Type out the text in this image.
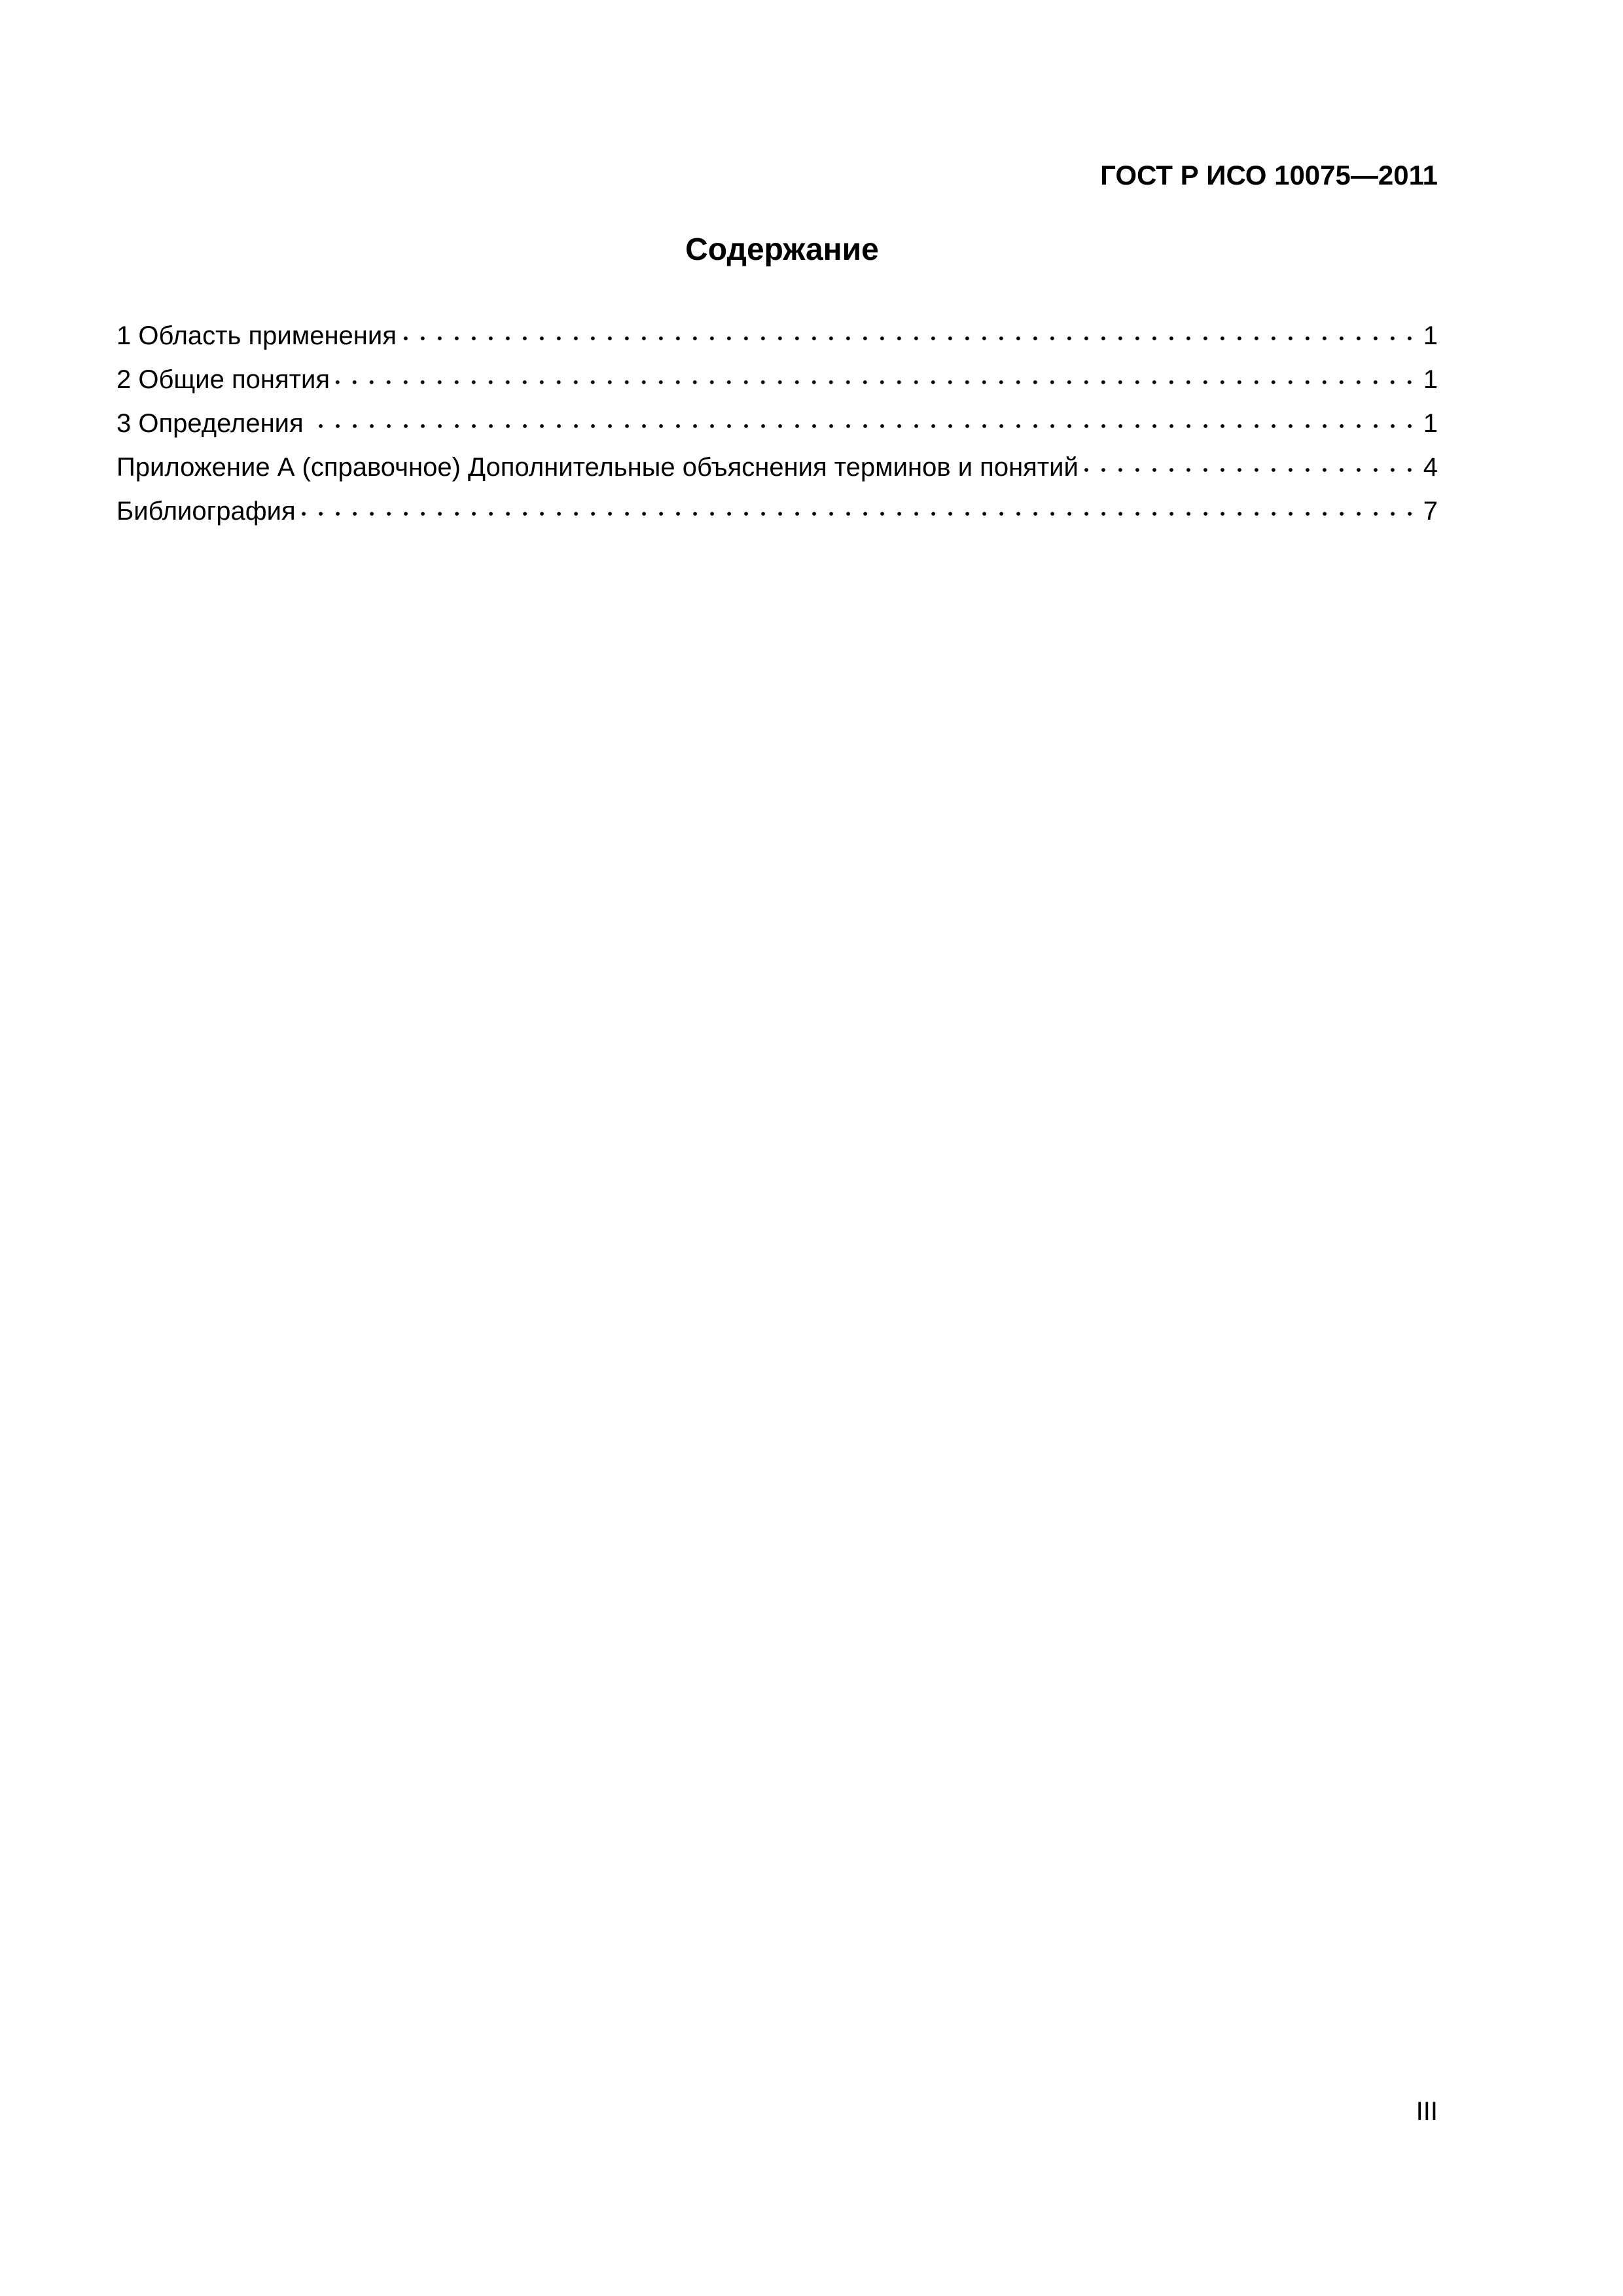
ГОСТ Р ИСО 10075—2011
Содержание
1 Область применения	1
2 Общие понятия	1
3 Определения	1
Приложение А (справочное) Дополнительные объяснения терминов и понятий	4
Библиография	7
III
